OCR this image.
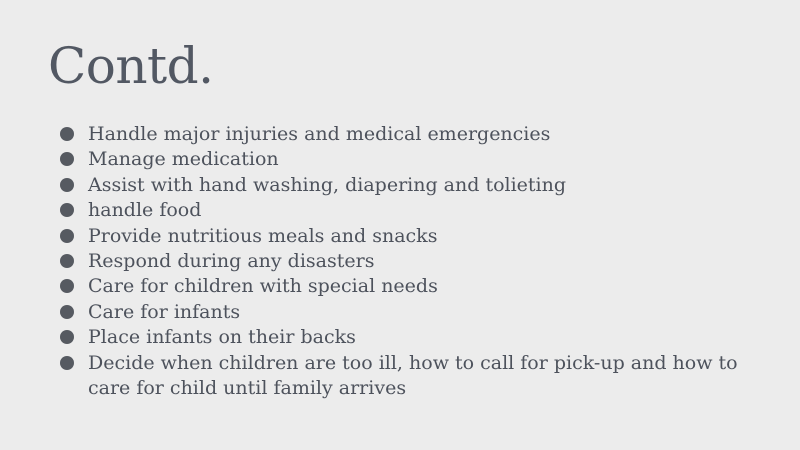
Contd.
Handle major injuries and medical emergencies
Manage medication
Assist with hand washing, diapering and tolieting
handle food
Provide nutritious meals and snacks
Respond during any disasters
Care for children with special needs
Care for infants
Place infants on their backs
Decide when children are too ill, how to call for pick-up and how to care for child until family arrives
